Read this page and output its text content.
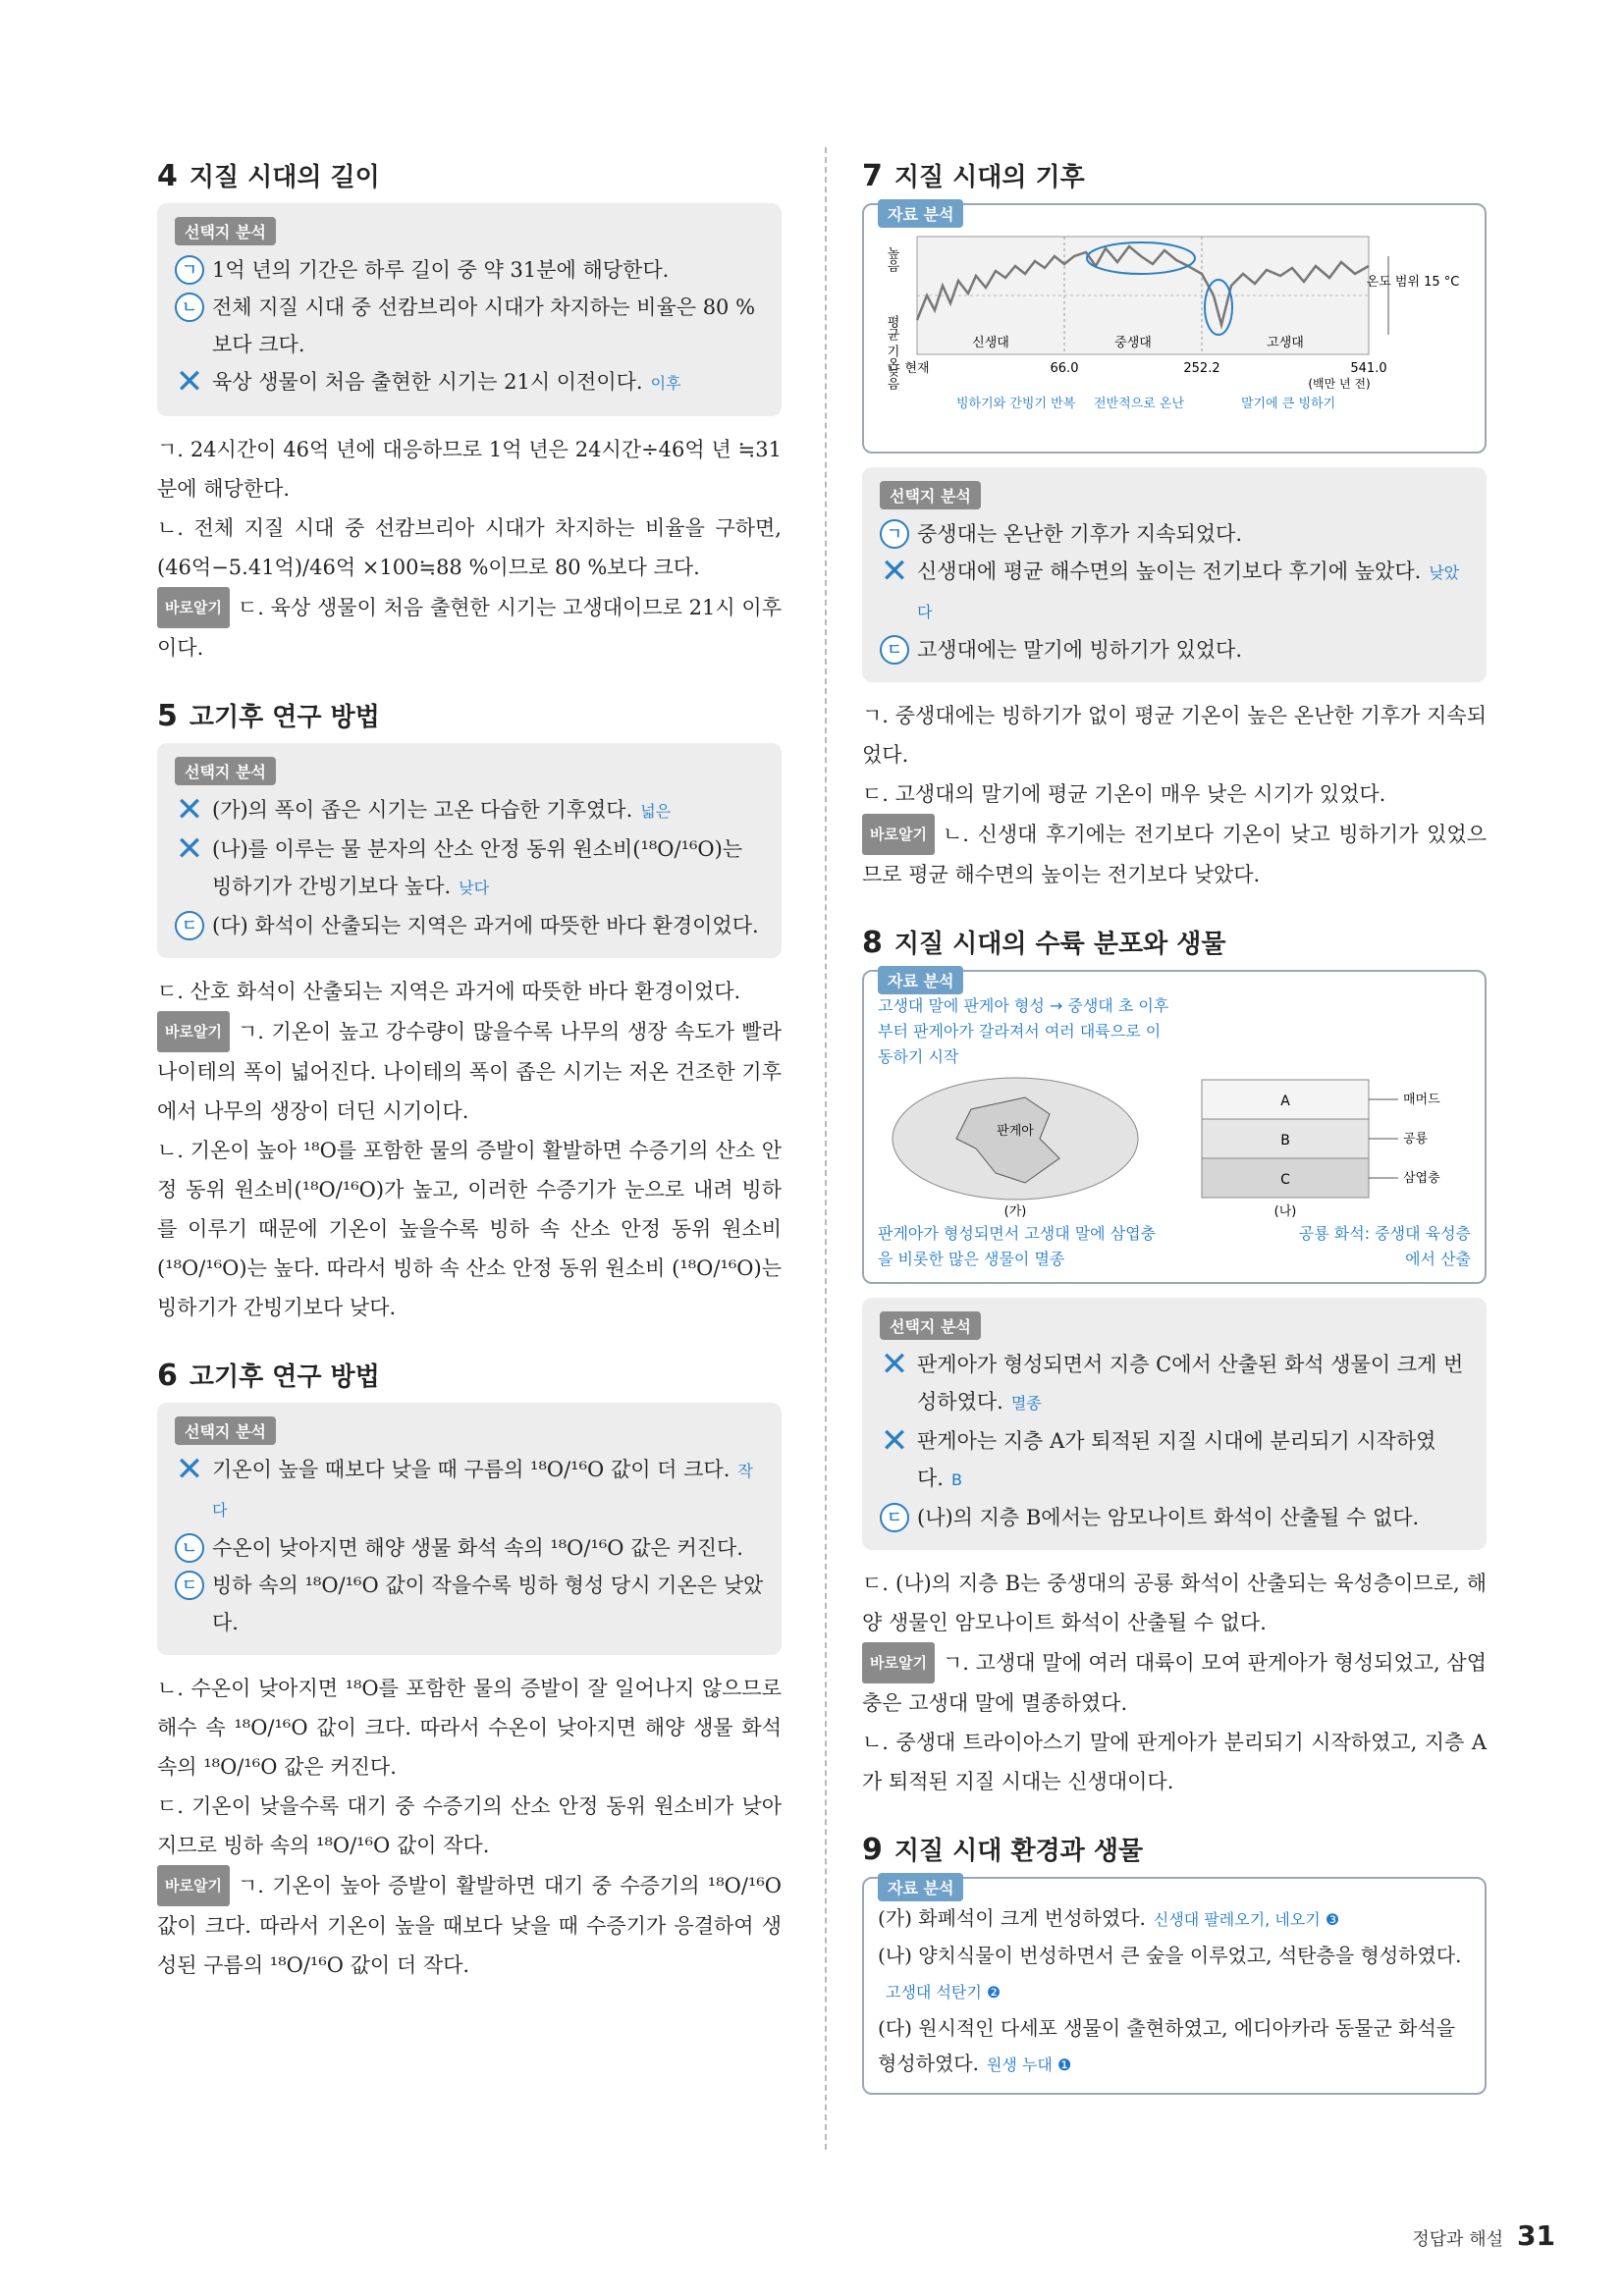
4 지질 시대의 길이
선택지 분석
ㄱ 1억 년의 기간은 하루 길이 중 약 31분에 해당한다.
ㄴ 전체 지질 시대 중 선캄브리아 시대가 차지하는 비율은 80 % 보다 크다.
✕ 육상 생물이 처음 출현한 시기는 21시 이전이다. 이후

ㄱ. 24시간이 46억 년에 대응하므로 1억 년은 24시간÷46억 년 ≒31분에 해당한다.

ㄴ. 전체 지질 시대 중 선캄브리아 시대가 차지하는 비율을 구하면, (46억−5.41억)/46억 ×100≒88 %이므로 80 %보다 크다.

바로알기 ㄷ. 육상 생물이 처음 출현한 시기는 고생대이므로 21시 이후이다.

5 고기후 연구 방법
선택지 분석
✕ (가)의 폭이 좁은 시기는 고온 다습한 기후였다. 넓은
✕ (나)를 이루는 물 분자의 산소 안정 동위 원소비(¹⁸O/¹⁶O)는 빙하기가 간빙기보다 높다. 낮다
ㄷ (다) 화석이 산출되는 지역은 과거에 따뜻한 바다 환경이었다.

ㄷ. 산호 화석이 산출되는 지역은 과거에 따뜻한 바다 환경이었다.

바로알기 ㄱ. 기온이 높고 강수량이 많을수록 나무의 생장 속도가 빨라 나이테의 폭이 넓어진다. 나이테의 폭이 좁은 시기는 저온 건조한 기후에서 나무의 생장이 더딘 시기이다.

ㄴ. 기온이 높아 ¹⁸O를 포함한 물의 증발이 활발하면 수증기의 산소 안정 동위 원소비(¹⁸O/¹⁶O)가 높고, 이러한 수증기가 눈으로 내려 빙하를 이루기 때문에 기온이 높을수록 빙하 속 산소 안정 동위 원소비(¹⁸O/¹⁶O)는 높다. 따라서 빙하 속 산소 안정 동위 원소비 (¹⁸O/¹⁶O)는 빙하기가 간빙기보다 낮다.

6 고기후 연구 방법
선택지 분석
✕ 기온이 높을 때보다 낮을 때 구름의 ¹⁸O/¹⁶O 값이 더 크다. 작다
ㄴ 수온이 낮아지면 해양 생물 화석 속의 ¹⁸O/¹⁶O 값은 커진다.
ㄷ 빙하 속의 ¹⁸O/¹⁶O 값이 작을수록 빙하 형성 당시 기온은 낮았다.

ㄴ. 수온이 낮아지면 ¹⁸O를 포함한 물의 증발이 잘 일어나지 않으므로 해수 속 ¹⁸O/¹⁶O 값이 크다. 따라서 수온이 낮아지면 해양 생물 화석 속의 ¹⁸O/¹⁶O 값은 커진다.

ㄷ. 기온이 낮을수록 대기 중 수증기의 산소 안정 동위 원소비가 낮아지므로 빙하 속의 ¹⁸O/¹⁶O 값이 작다.

바로알기 ㄱ. 기온이 높아 증발이 활발하면 대기 중 수증기의 ¹⁸O/¹⁶O 값이 크다. 따라서 기온이 높을 때보다 낮을 때 수증기가 응결하여 생성된 구름의 ¹⁸O/¹⁶O 값이 더 작다.

7 지질 시대의 기후
자료 분석
높음
평균 기온
낮음
신생대	중생대	고생대
현재	66.0	252.2	541.0
(백만 년 전)
온도 범위 15 °C
빙하기와 간빙기 반복 전반적으로 온난	말기에 큰 빙하기
선택지 분석
ㄱ 중생대는 온난한 기후가 지속되었다.
✕ 신생대에 평균 해수면의 높이는 전기보다 후기에 높았다. 낮았다
ㄷ 고생대에는 말기에 빙하기가 있었다.

ㄱ. 중생대에는 빙하기가 없이 평균 기온이 높은 온난한 기후가 지속되었다.

ㄷ. 고생대의 말기에 평균 기온이 매우 낮은 시기가 있었다.

바로알기 ㄴ. 신생대 후기에는 전기보다 기온이 낮고 빙하기가 있었으므로 평균 해수면의 높이는 전기보다 낮았다.

8 지질 시대의 수륙 분포와 생물
자료 분석
고생대 말에 판게아 형성 → 중생대 초 이후부터 판게아가 갈라져서 여러 대륙으로 이동하기 시작
판게아
(가)
A
B
C
매머드
공룡
삼엽충
(나)
판게아가 형성되면서 고생대 말에 삼엽충을 비롯한 많은 생물이 멸종
공룡 화석: 중생대 육성층에서 산출
선택지 분석
✕ 판게아가 형성되면서 지층 C에서 산출된 화석 생물이 크게 번성하였다. 멸종
✕ 판게아는 지층 A가 퇴적된 지질 시대에 분리되기 시작하였다. B
ㄷ (나)의 지층 B에서는 암모나이트 화석이 산출될 수 없다.

ㄷ. (나)의 지층 B는 중생대의 공룡 화석이 산출되는 육성층이므로, 해양 생물인 암모나이트 화석이 산출될 수 없다.

바로알기 ㄱ. 고생대 말에 여러 대륙이 모여 판게아가 형성되었고, 삼엽충은 고생대 말에 멸종하였다.

ㄴ. 중생대 트라이아스기 말에 판게아가 분리되기 시작하였고, 지층 A가 퇴적된 지질 시대는 신생대이다.

9 지질 시대 환경과 생물
자료 분석
(가) 화폐석이 크게 번성하였다. 신생대 팔레오기, 네오기 ❸
(나) 양치식물이 번성하면서 큰 숲을 이루었고, 석탄층을 형성하였다.고생대 석탄기 ❷
(다) 원시적인 다세포 생물이 출현하였고, 에디아카라 동물군 화석을 형성하였다. 원생 누대 ❶
정답과 해설 31
